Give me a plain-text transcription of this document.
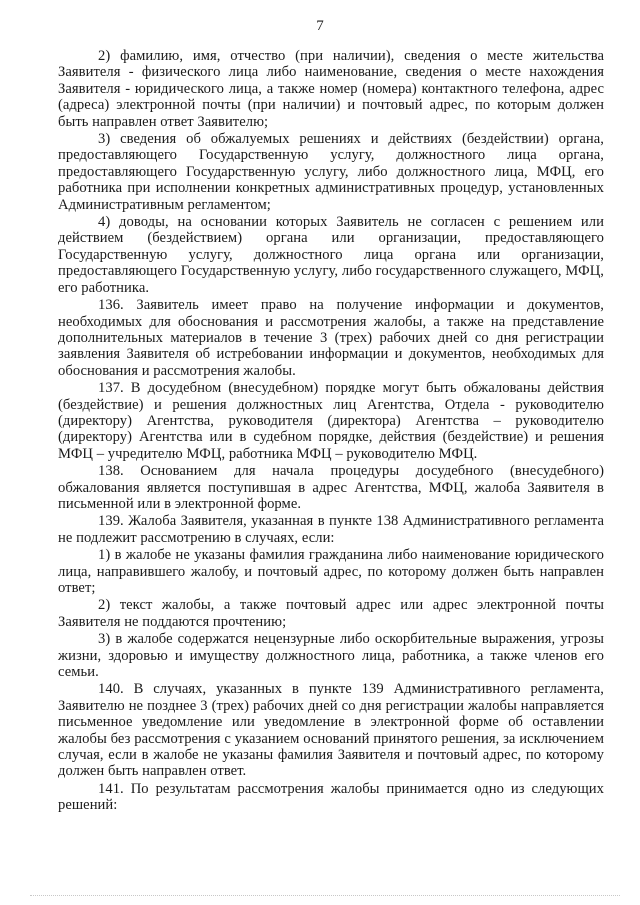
7

2) фамилию, имя, отчество (при наличии), сведения о месте жительства Заявителя - физического лица либо наименование, сведения о месте нахождения Заявителя - юридического лица, а также номер (номера) контактного телефона, адрес (адреса) электронной почты (при наличии) и почтовый адрес, по которым должен быть направлен ответ Заявителю;

3) сведения об обжалуемых решениях и действиях (бездействии) органа, предоставляющего Государственную услугу, должностного лица органа, предоставляющего Государственную услугу, либо должностного лица, МФЦ, его работника при исполнении конкретных административных процедур, установленных Административным регламентом;

4) доводы, на основании которых Заявитель не согласен с решением или действием (бездействием) органа или организации, предоставляющего Государственную услугу, должностного лица органа или организации, предоставляющего Государственную услугу, либо государственного служащего, МФЦ, его работника.

136. Заявитель имеет право на получение информации и документов, необходимых для обоснования и рассмотрения жалобы, а также на представление дополнительных материалов в течение 3 (трех) рабочих дней со дня регистрации заявления Заявителя об истребовании информации и документов, необходимых для обоснования и рассмотрения жалобы.

137. В досудебном (внесудебном) порядке могут быть обжалованы действия (бездействие) и решения должностных лиц Агентства, Отдела - руководителю (директору) Агентства, руководителя (директора) Агентства – руководителю (директору) Агентства или в судебном порядке, действия (бездействие) и решения МФЦ – учредителю МФЦ, работника МФЦ – руководителю МФЦ.

138. Основанием для начала процедуры досудебного (внесудебного) обжалования является поступившая в адрес Агентства, МФЦ, жалоба Заявителя в письменной или в электронной форме.

139. Жалоба Заявителя, указанная в пункте 138 Административного регламента не подлежит рассмотрению в случаях, если:

1) в жалобе не указаны фамилия гражданина либо наименование юридического лица, направившего жалобу, и почтовый адрес, по которому должен быть направлен ответ;

2) текст жалобы, а также почтовый адрес или адрес электронной почты Заявителя не поддаются прочтению;

3) в жалобе содержатся нецензурные либо оскорбительные выражения, угрозы жизни, здоровью и имуществу должностного лица, работника, а также членов его семьи.

140. В случаях, указанных в пункте 139 Административного регламента, Заявителю не позднее 3 (трех) рабочих дней со дня регистрации жалобы направляется письменное уведомление или уведомление в электронной форме об оставлении жалобы без рассмотрения с указанием оснований принятого решения, за исключением случая, если в жалобе не указаны фамилия Заявителя и почтовый адрес, по которому должен быть направлен ответ.

141. По результатам рассмотрения жалобы принимается одно из следующих решений:
